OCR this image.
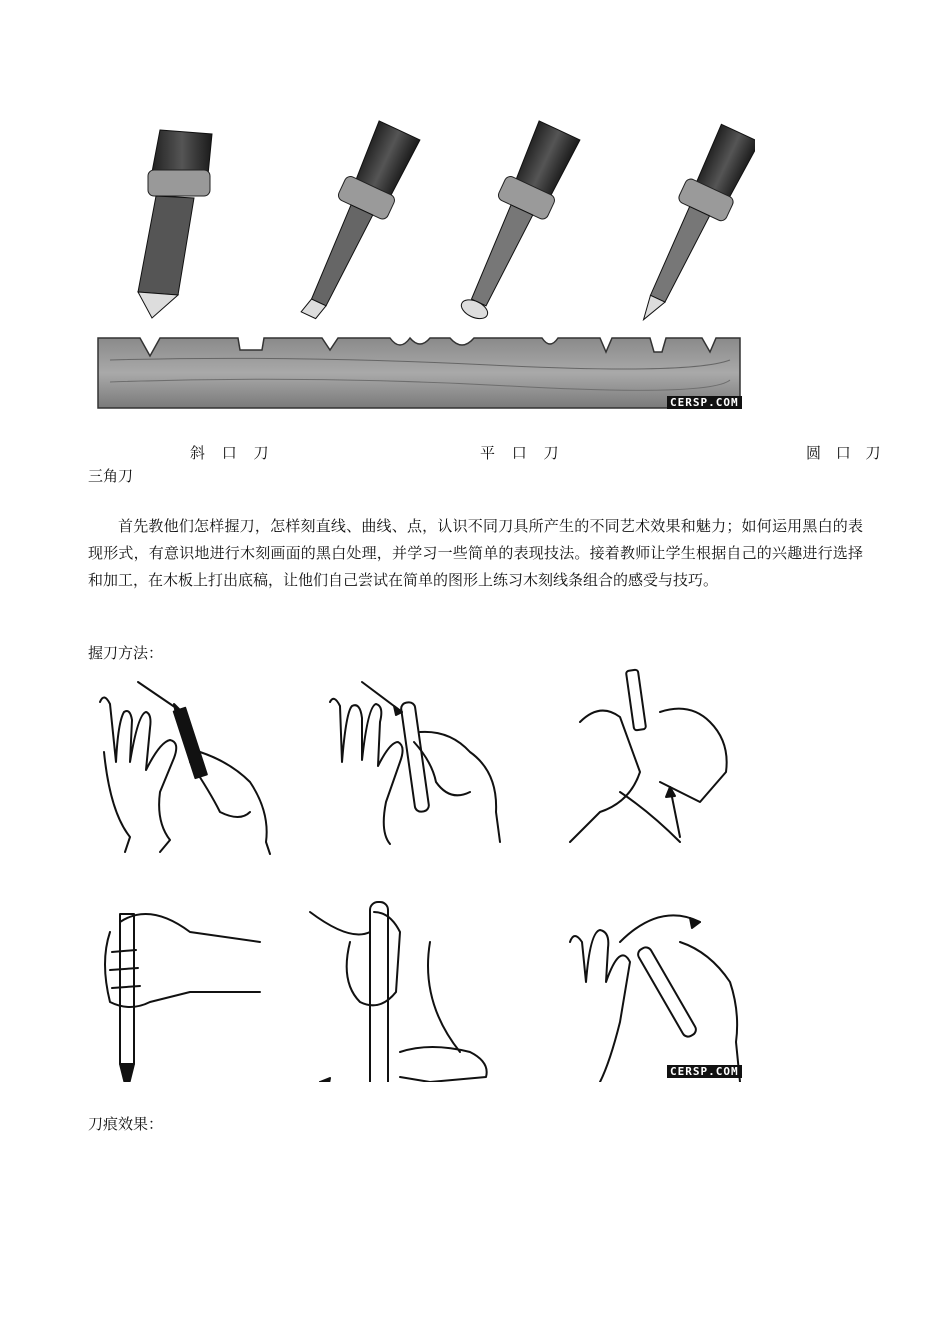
CERSP.COM
斜 口 刀	平 口 刀	圆 口 刀
三角刀
首先教他们怎样握刀，怎样刻直线、曲线、点，认识不同刀具所产生的不同艺术效果和魅力；如何运用黑白的表现形式，有意识地进行木刻画面的黑白处理，并学习一些简单的表现技法。接着教师让学生根据自己的兴趣进行选择和加工，在木板上打出底稿，让他们自己尝试在简单的图形上练习木刻线条组合的感受与技巧。
握刀方法：
CERSP.COM
刀痕效果：
